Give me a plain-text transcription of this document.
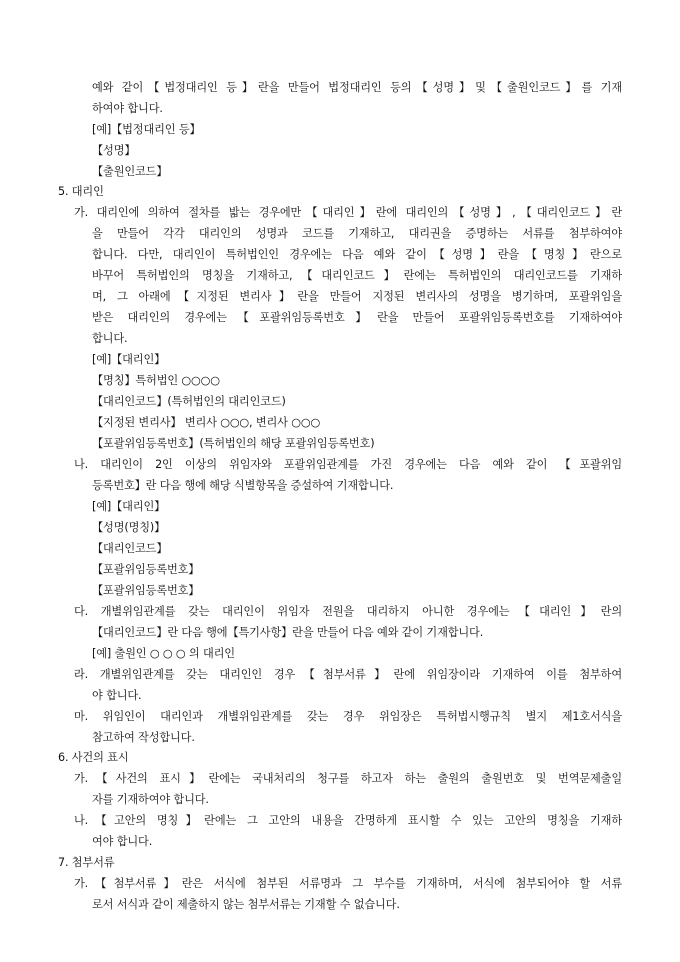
예와 같이【법정대리인 등】란을 만들어 법정대리인 등의【성명】및【출원인코드】를 기재
하여야 합니다.
[예]【법정대리인 등】
【성명】
【출원인코드】
5. 대리인
가. 대리인에 의하여 절차를 밟는 경우에만【대리인】란에 대리인의【성명】,【대리인코드】란
을 만들어 각각 대리인의 성명과 코드를 기재하고, 대리권을 증명하는 서류를 첨부하여야
합니다. 다만, 대리인이 특허법인인 경우에는 다음 예와 같이【성명】란을【명칭】란으로
바꾸어 특허법인의 명칭을 기재하고,【대리인코드】란에는 특허법인의 대리인코드를 기재하
며, 그 아래에【지정된 변리사】란을 만들어 지정된 변리사의 성명을 병기하며, 포괄위임을
받은 대리인의 경우에는【포괄위임등록번호】란을 만들어 포괄위임등록번호를 기재하여야
합니다.
[예]【대리인】
【명칭】특허법인 ○○○○
【대리인코드】(특허법인의 대리인코드)
【지정된 변리사】 변리사 ○○○, 변리사 ○○○
【포괄위임등록번호】(특허법인의 해당 포괄위임등록번호)
나. 대리인이 2인 이상의 위임자와 포괄위임관계를 가진 경우에는 다음 예와 같이 【포괄위임
등록번호】란 다음 행에 해당 식별항목을 증설하여 기재합니다.
[예]【대리인】
【성명(명칭)】
【대리인코드】
【포괄위임등록번호】
【포괄위임등록번호】
다. 개별위임관계를 갖는 대리인이 위임자 전원을 대리하지 아니한 경우에는【대리인】란의
【대리인코드】란 다음 행에【특기사항】란을 만들어 다음 예와 같이 기재합니다.
[예] 출원인 ○ ○ ○ 의 대리인
라. 개별위임관계를 갖는 대리인인 경우【첨부서류】란에 위임장이라 기재하여 이를 첨부하여
야 합니다.
마. 위임인이 대리인과 개별위임관계를 갖는 경우 위임장은 특허법시행규칙 별지 제1호서식을
참고하여 작성합니다.
6. 사건의 표시
가.【사건의 표시】란에는 국내처리의 청구를 하고자 하는 출원의 출원번호 및 번역문제출일
자를 기재하여야 합니다.
나.【고안의 명칭】란에는 그 고안의 내용을 간명하게 표시할 수 있는 고안의 명칭을 기재하
여야 합니다.
7. 첨부서류
가.【첨부서류】란은 서식에 첨부된 서류명과 그 부수를 기재하며, 서식에 첨부되어야 할 서류
로서 서식과 같이 제출하지 않는 첨부서류는 기재할 수 없습니다.
